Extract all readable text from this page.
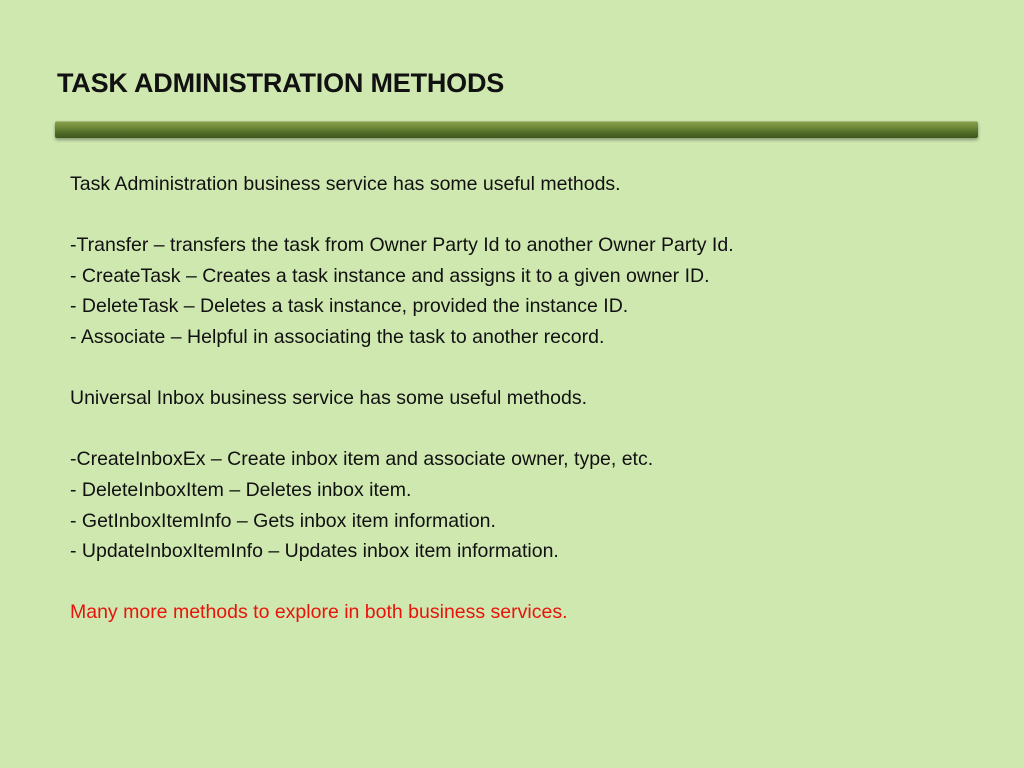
TASK ADMINISTRATION METHODS
Task Administration business service has some useful methods.
-Transfer – transfers the task from Owner Party Id to another Owner Party Id.
- CreateTask – Creates a task instance and assigns it to a given owner ID.
- DeleteTask – Deletes a task instance, provided the instance ID.
- Associate – Helpful in associating the task to another record.
Universal Inbox business service has some useful methods.
-CreateInboxEx – Create inbox item and associate owner, type, etc.
- DeleteInboxItem – Deletes inbox item.
- GetInboxItemInfo – Gets inbox item information.
- UpdateInboxItemInfo – Updates inbox item information.
Many more methods to explore in both business services.
